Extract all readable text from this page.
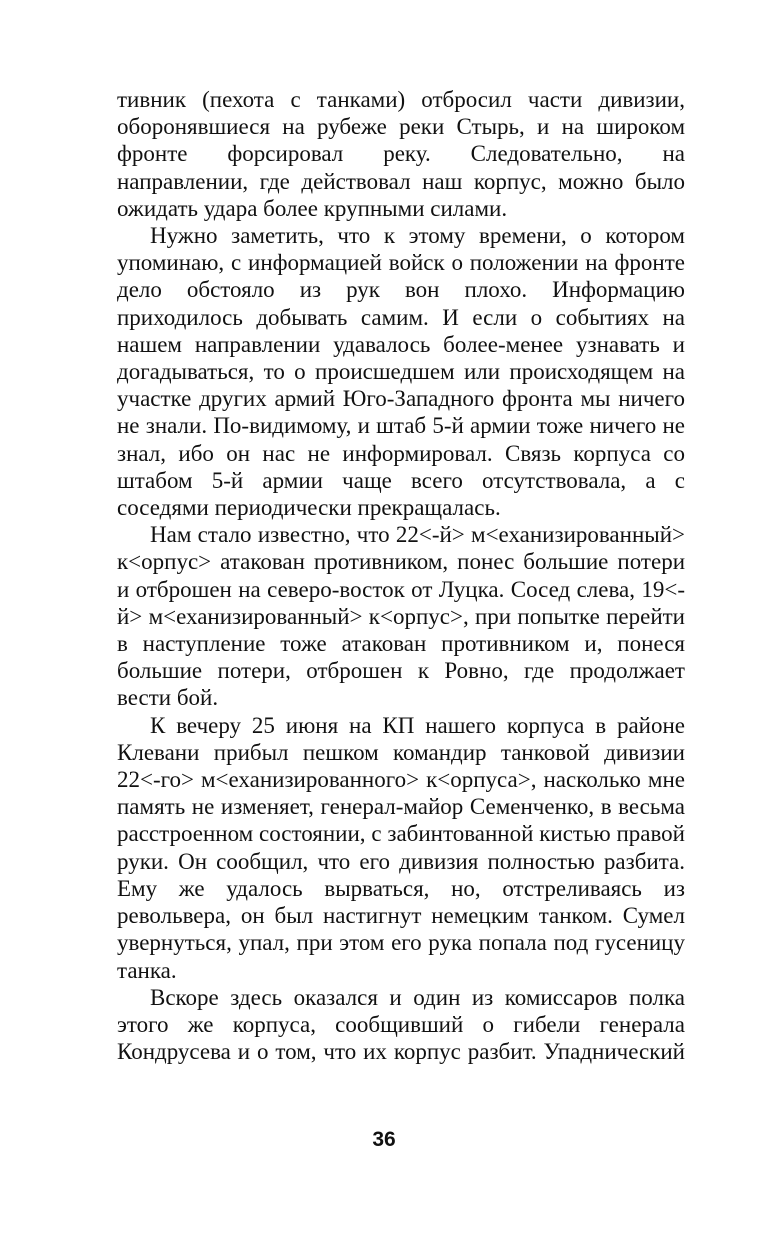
тивник (пехота с танками) отбросил части дивизии, оборонявшиеся на рубеже реки Стырь, и на широком фронте форсировал реку. Следовательно, на направлении, где действовал наш корпус, можно было ожидать удара более крупными силами.

Нужно заметить, что к этому времени, о котором упоминаю, с информацией войск о положении на фронте дело обстояло из рук вон плохо. Информацию приходилось добывать самим. И если о событиях на нашем направлении удавалось более-менее узнавать и догадываться, то о происшедшем или происходящем на участке других армий Юго-Западного фронта мы ничего не знали. По-видимому, и штаб 5-й армии тоже ничего не знал, ибо он нас не информировал. Связь корпуса со штабом 5-й армии чаще всего отсутствовала, а с соседями периодически прекращалась.

Нам стало известно, что 22<-й> м<еханизированный> к<орпус> атакован противником, понес большие потери и отброшен на северо-восток от Луцка. Сосед слева, 19<-й> м<еханизированный> к<орпус>, при попытке перейти в наступление тоже атакован противником и, понеся большие потери, отброшен к Ровно, где продолжает вести бой.

К вечеру 25 июня на КП нашего корпуса в районе Клевани прибыл пешком командир танковой дивизии 22<-го> м<еханизированного> к<орпуса>, насколько мне память не изменяет, генерал-майор Семенченко, в весьма расстроенном состоянии, с забинтованной кистью правой руки. Он сообщил, что его дивизия полностью разбита. Ему же удалось вырваться, но, отстреливаясь из револьвера, он был настигнут немецким танком. Сумел увернуться, упал, при этом его рука попала под гусеницу танка.

Вскоре здесь оказался и один из комиссаров полка этого же корпуса, сообщивший о гибели генерала Кондрусева и о том, что их корпус разбит. Упаднический

36
